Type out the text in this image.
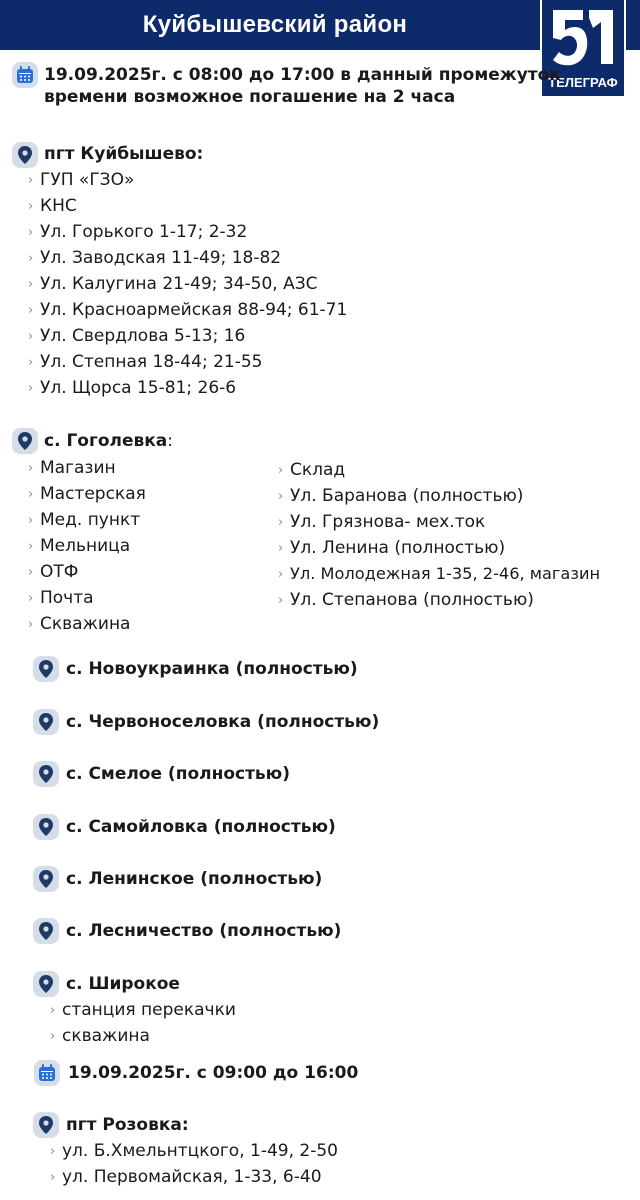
Куйбышевский район
ТЕЛЕГРАФ
19.09.2025г. с 08:00 до 17:00 в данный промежуток
времени возможное погашение на 2 часа
пгт Куйбышево:
› ГУП «ГЗО»
› КНС
› Ул. Горького 1-17; 2-32
› Ул. Заводская 11-49; 18-82
› Ул. Калугина 21-49; 34-50, АЗС
› Ул. Красноармейская 88-94; 61-71
› Ул. Свердлова 5-13; 16
› Ул. Степная 18-44; 21-55
› Ул. Щорса 15-81; 26-6
с. Гоголевка:
› Магазин
› Мастерская
› Мед. пункт
› Мельница
› ОТФ
› Почта
› Скважина
› Склад
› Ул. Баранова (полностью)
› Ул. Грязнова- мех.ток
› Ул. Ленина (полностью)
› Ул. Молодежная 1-35, 2-46, магазин
› Ул. Степанова (полностью)
с. Новоукраинка (полностью)
с. Червоноселовка (полностью)
с. Смелое (полностью)
с. Самойловка (полностью)
с. Ленинское (полностью)
с. Лесничество (полностью)
с. Широкое
› станция перекачки
› скважина
19.09.2025г. с 09:00 до 16:00
пгт Розовка:
› ул. Б.Хмельнтцкого, 1-49, 2-50
› ул. Первомайская, 1-33, 6-40
